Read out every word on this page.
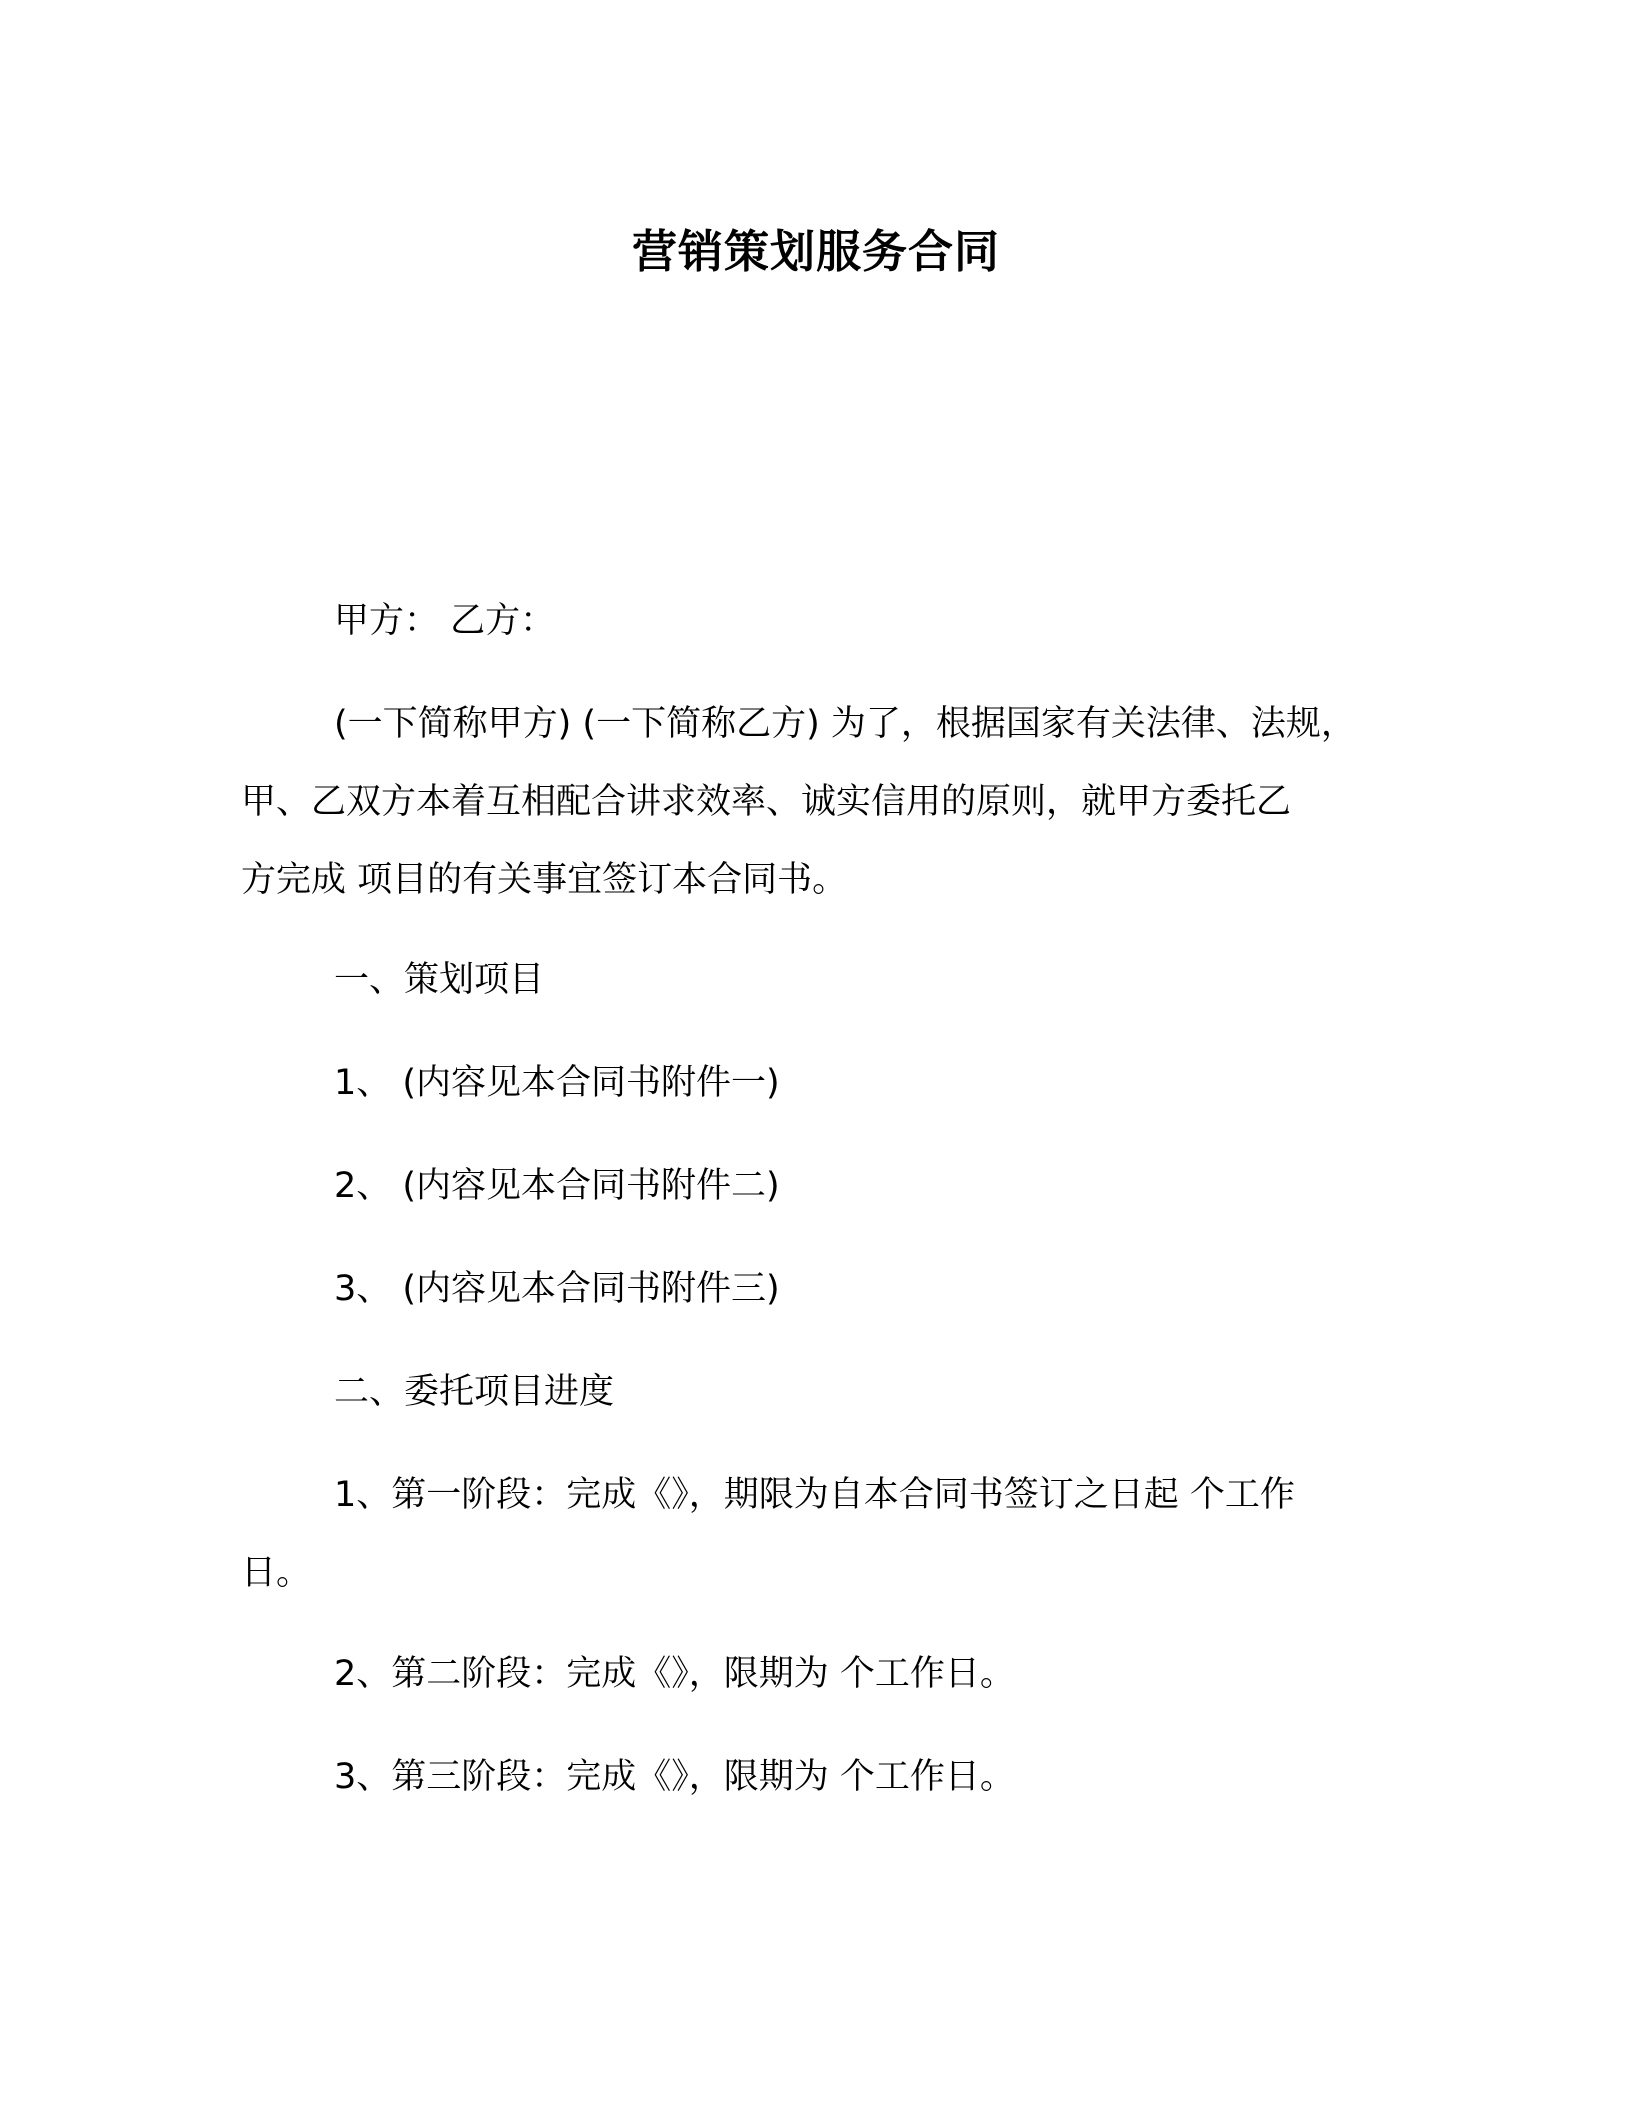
营销策划服务合同
甲方： 乙方：
(一下简称甲方) (一下简称乙方) 为了，根据国家有关法律、法规，
甲、乙双方本着互相配合讲求效率、诚实信用的原则，就甲方委托乙
方完成 项目的有关事宜签订本合同书。
一、策划项目
1、 (内容见本合同书附件一)
2、 (内容见本合同书附件二)
3、 (内容见本合同书附件三)
二、委托项目进度
1、第一阶段：完成《》，期限为自本合同书签订之日起 个工作
日。
2、第二阶段：完成《》，限期为 个工作日。
3、第三阶段：完成《》，限期为 个工作日。
